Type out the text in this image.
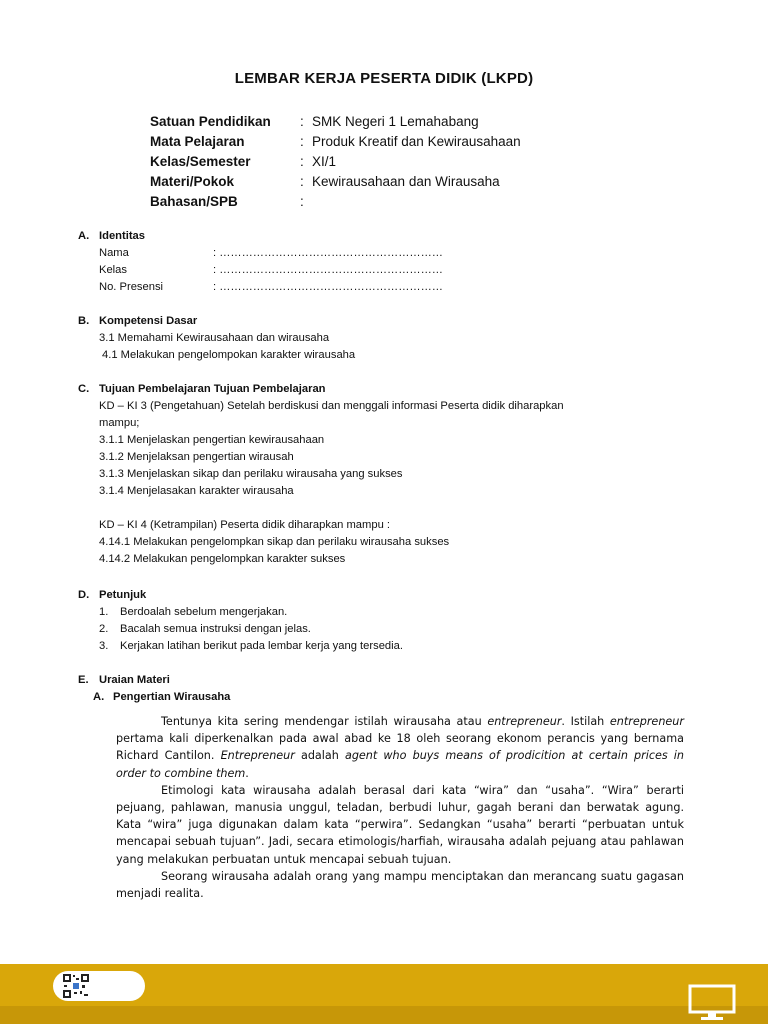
LEMBAR KERJA PESERTA DIDIK (LKPD)
Satuan Pendidikan	: SMK Negeri 1 Lemahabang
Mata Pelajaran	: Produk Kreatif dan Kewirausahaan
Kelas/Semester	: XI/1
Materi/Pokok	: Kewirausahaan dan Wirausaha
Bahasan/SPB	:
A. Identitas
Nama	: ……………………………………………………
Kelas	: ……………………………………………………
No. Presensi	: ……………………………………………………
B. Kompetensi Dasar
3.1 Memahami Kewirausahaan dan wirausaha
4.1 Melakukan pengelompokan karakter wirausaha
C. Tujuan Pembelajaran Tujuan Pembelajaran
KD – KI 3 (Pengetahuan) Setelah berdiskusi dan menggali informasi Peserta didik diharapkan
mampu;
3.1.1 Menjelaskan pengertian kewirausahaan
3.1.2 Menjelaksan pengertian wirausah
3.1.3 Menjelaskan sikap dan perilaku wirausaha yang sukses
3.1.4 Menjelasakan karakter wirausaha
KD – KI 4 (Ketrampilan) Peserta didik diharapkan mampu :
4.14.1 Melakukan pengelompkan sikap dan perilaku wirausaha sukses
4.14.2 Melakukan pengelompkan karakter sukses
D. Petunjuk
1.	Berdoalah sebelum mengerjakan.
2.	Bacalah semua instruksi dengan jelas.
3.	Kerjakan latihan berikut pada lembar kerja yang tersedia.
E. Uraian Materi
A. Pengertian Wirausaha

Tentunya kita sering mendengar istilah wirausaha atau entrepreneur. Istilah entrepreneur pertama kali diperkenalkan pada awal abad ke 18 oleh seorang ekonom perancis yang bernama Richard Cantilon. Entrepreneur adalah agent who buys means of prodicition at certain prices in order to combine them.

Etimologi kata wirausaha adalah berasal dari kata “wira” dan “usaha”. “Wira” berarti pejuang, pahlawan, manusia unggul, teladan, berbudi luhur, gagah berani dan berwatak agung. Kata “wira” juga digunakan dalam kata “perwira”. Sedangkan “usaha” berarti “perbuatan untuk mencapai sebuah tujuan”. Jadi, secara etimologis/harfiah, wirausaha adalah pejuang atau pahlawan yang melakukan perbuatan untuk mencapai sebuah tujuan.

Seorang wirausaha adalah orang yang mampu menciptakan dan merancang suatu gagasan menjadi realita.
